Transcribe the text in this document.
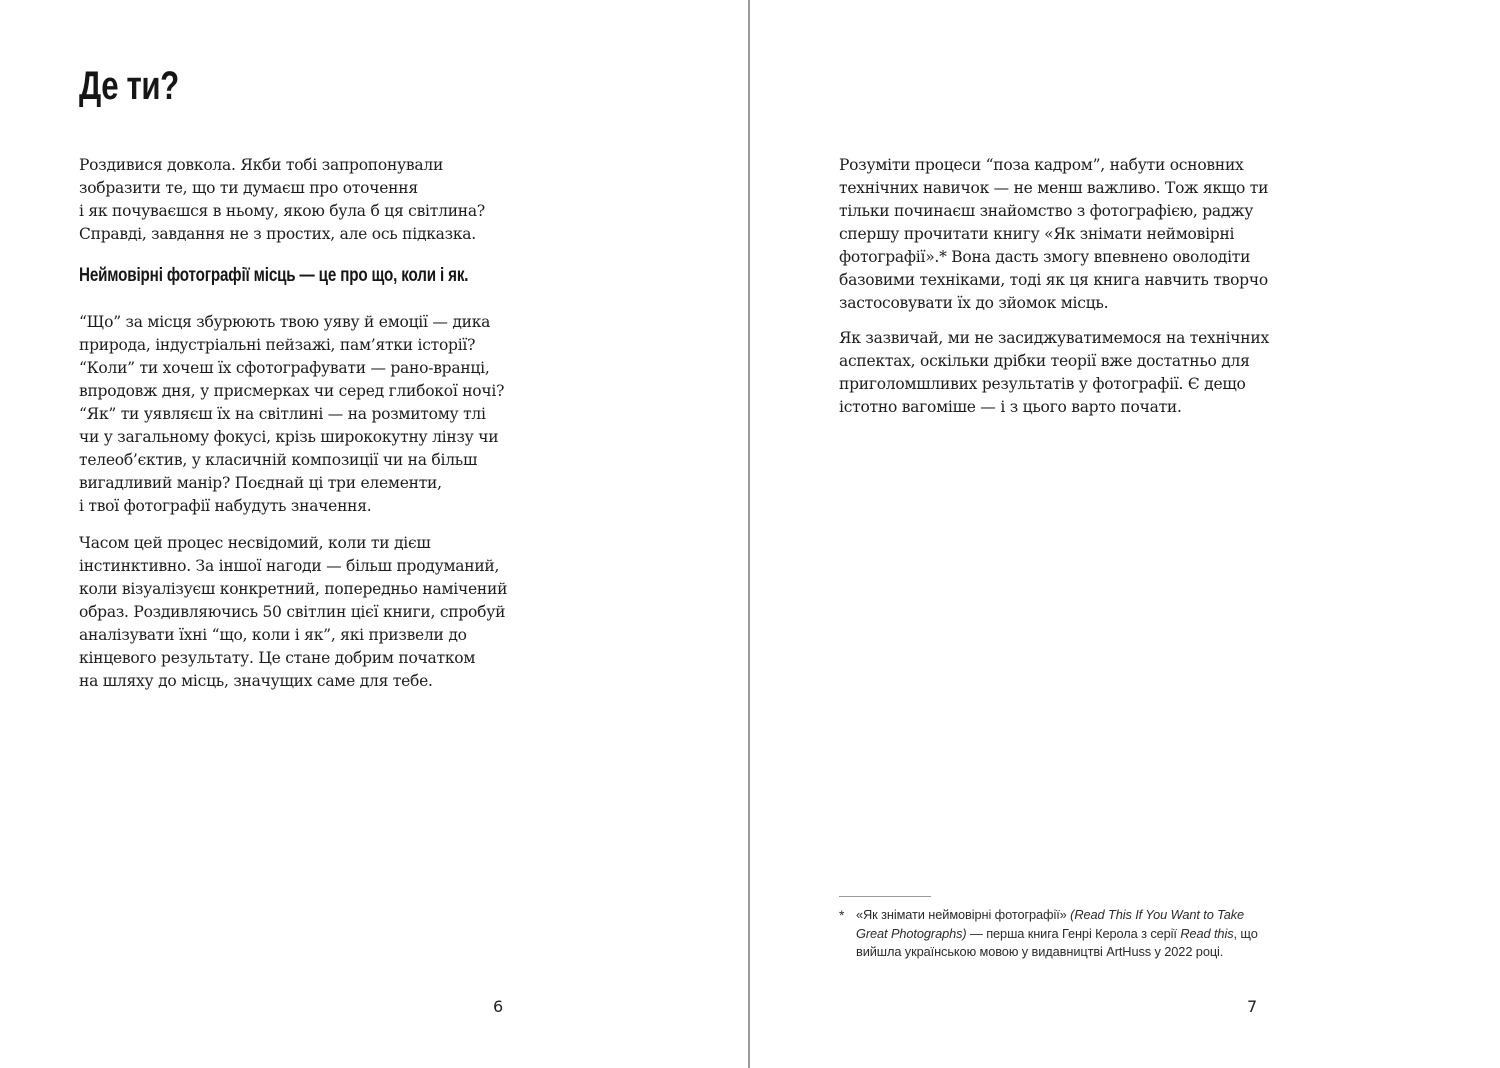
Де ти?

Роздивися довкола. Якби тобі запропонували
зобразити те, що ти думаєш про оточення
і як почуваєшся в ньому, якою була б ця світлина?
Справді, завдання не з простих, але ось підказка.

Неймовірні фотографії місць — це про що, коли і як.

“Що” за місця збурюють твою уяву й емоції — дика
природа, індустріальні пейзажі, пам’ятки історії?
“Коли” ти хочеш їх сфотографувати — рано-вранці,
впродовж дня, у присмерках чи серед глибокої ночі?
“Як” ти уявляєш їх на світлині — на розмитому тлі
чи у загальному фокусі, крізь ширококутну лінзу чи
телеоб’єктив, у класичній композиції чи на більш
вигадливий манір? Поєднай ці три елементи,
і твої фотографії набудуть значення.

Часом цей процес несвідомий, коли ти дієш
інстинктивно. За іншої нагоди — більш продуманий,
коли візуалізуєш конкретний, попередньо намічений
образ. Роздивляючись 50 світлин цієї книги, спробуй
аналізувати їхні “що, коли і як”, які призвели до
кінцевого результату. Це стане добрим початком
на шляху до місць, значущих саме для тебе.

6

Розуміти процеси “поза кадром”, набути основних
технічних навичок — не менш важливо. Тож якщо ти
тільки починаєш знайомство з фотографією, раджу
спершу прочитати книгу «Як знімати неймовірні
фотографії».* Вона дасть змогу впевнено оволодіти
базовими техніками, тоді як ця книга навчить творчо
застосовувати їх до зйомок місць.

Як зазвичай, ми не засиджуватимемося на технічних
аспектах, оскільки дрібки теорії вже достатньо для
приголомшливих результатів у фотографії. Є дещо
істотно вагоміше — і з цього варто почати.

* «Як знімати неймовірні фотографії» (Read This If You Want to Take
Great Photographs) — перша книга Генрі Керола з серії Read this, що
вийшла українською мовою у видавництві ArtHuss у 2022 році.
7
